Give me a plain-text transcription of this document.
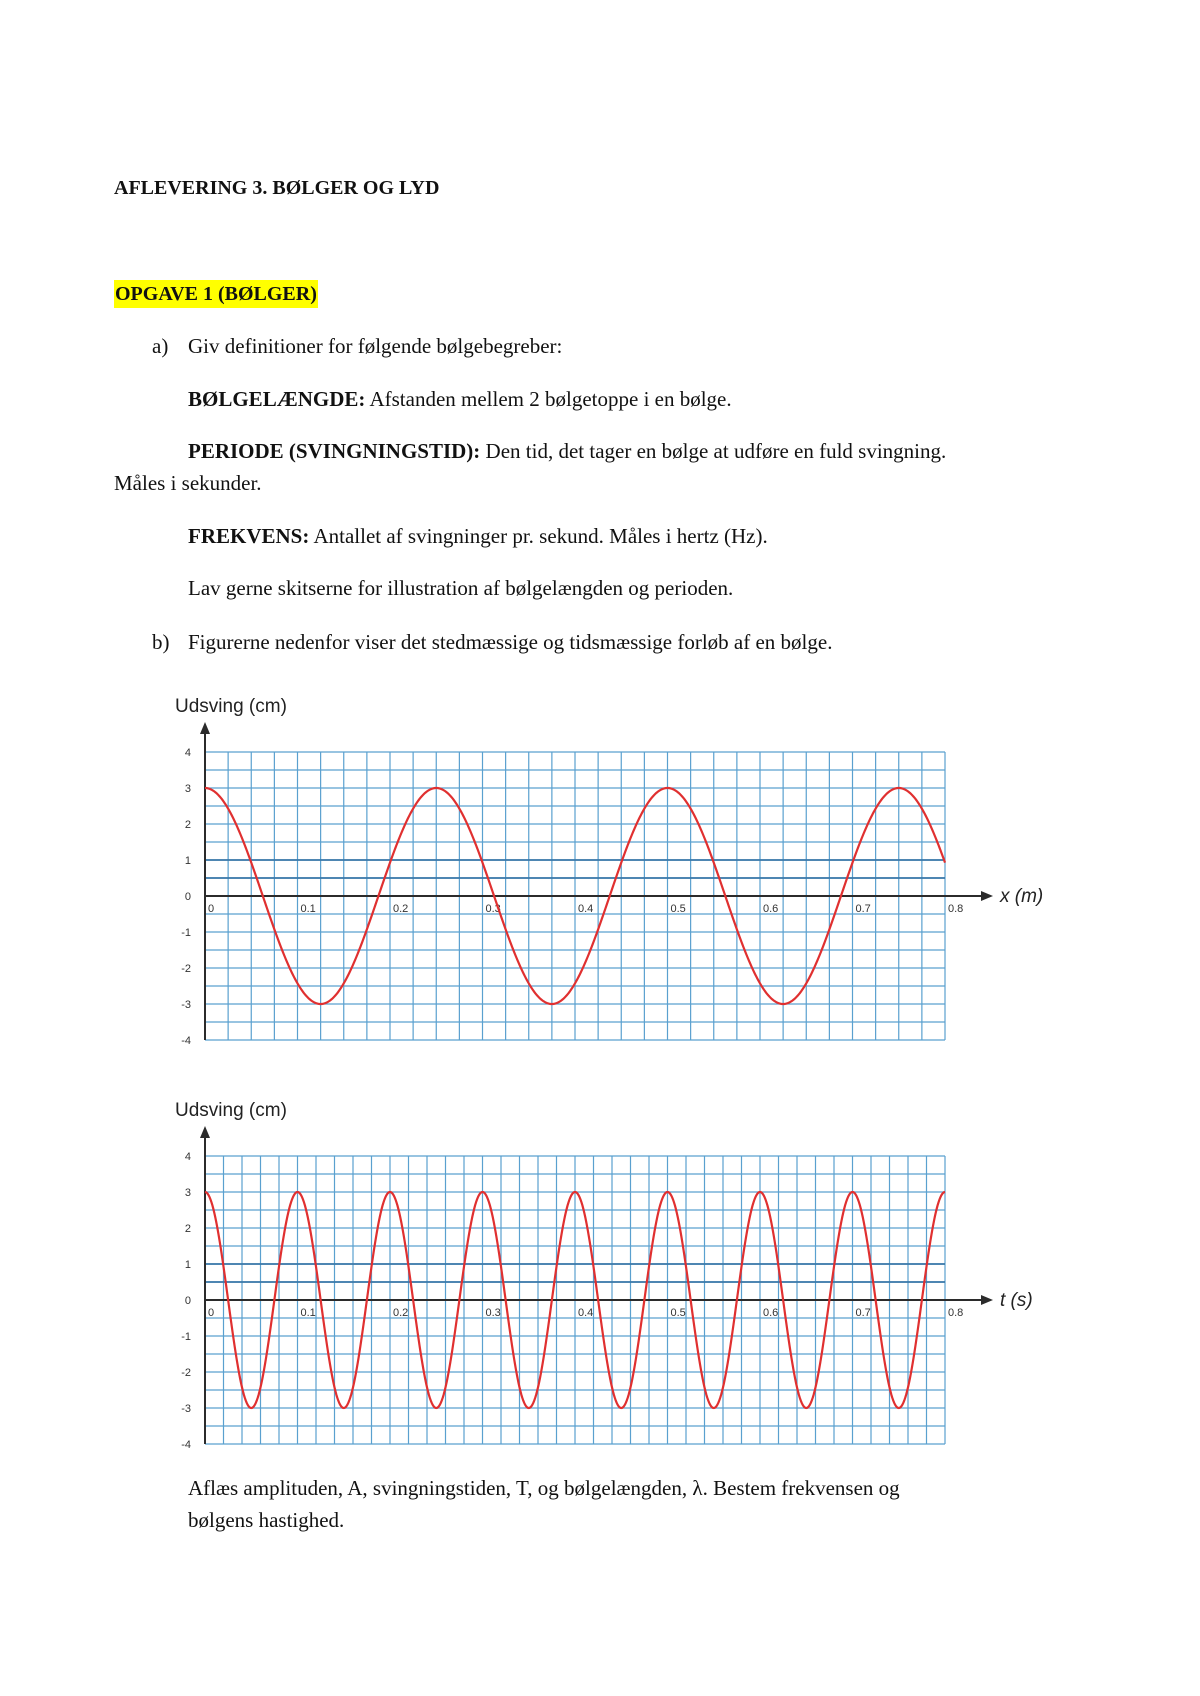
AFLEVERING 3. BØLGER OG LYD
OPGAVE 1 (BØLGER)
a) Giv definitioner for følgende bølgebegreber:
BØLGELÆNGDE: Afstanden mellem 2 bølgetoppe i en bølge.
PERIODE (SVINGNINGSTID): Den tid, det tager en bølge at udføre en fuld svingning.
Måles i sekunder.
FREKVENS: Antallet af svingninger pr. sekund. Måles i hertz (Hz).
Lav gerne skitserne for illustration af bølgelængden og perioden.
b) Figurerne nedenfor viser det stedmæssige og tidsmæssige forløb af en bølge.
Udsving (cm)
x (m)
4
3
2
1
0
-1
-2
-3
-4
0	0.1	0.2	0.3	0.4	0.5	0.6	0.7	0.8
Udsving (cm)
t (s)
4
3
2
1
0
-1
-2
-3
-4
0	0.1	0.2	0.3	0.4	0.5	0.6	0.7	0.8
Aflæs amplituden, A, svingningstiden, T, og bølgelængden, λ. Bestem frekvensen og
bølgens hastighed.
